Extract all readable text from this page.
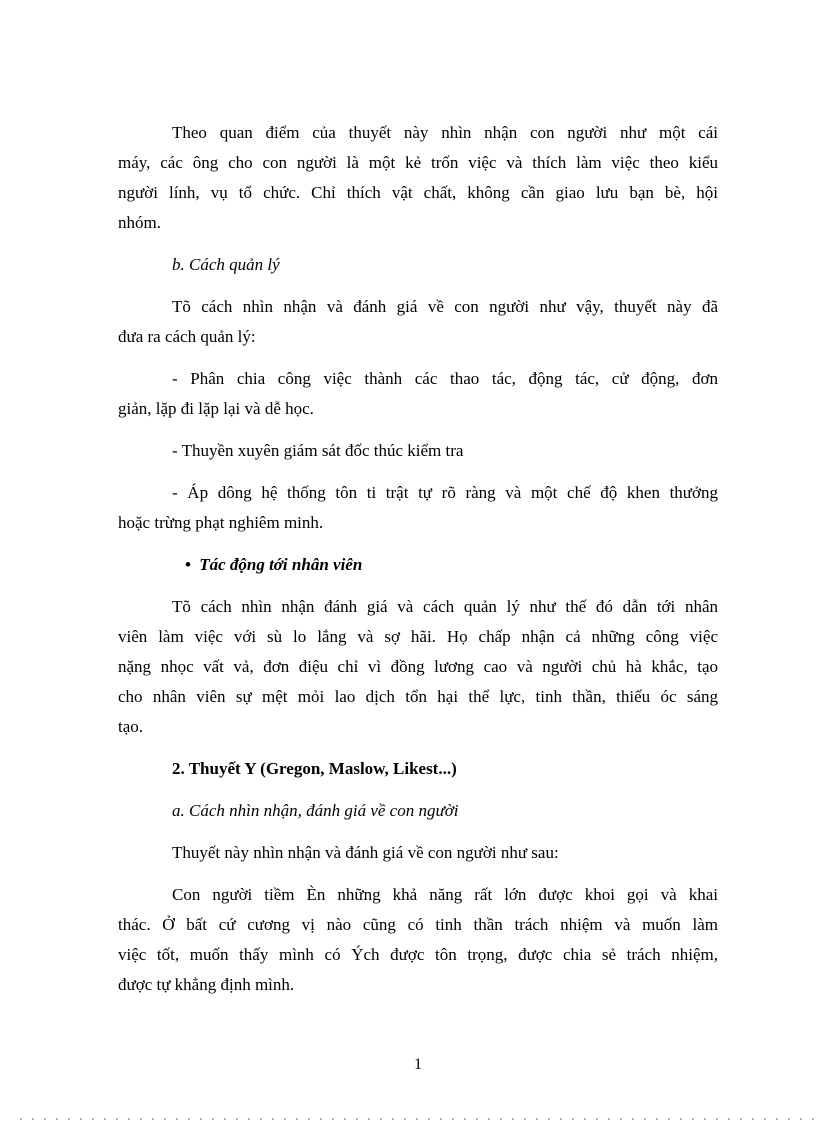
Theo quan điểm của thuyết này nhìn nhận con người như một cái
máy, các ông cho con người là một kẻ trốn việc và thích làm việc theo kiểu
người lính, vụ tổ chức. Chỉ thích vật chất, không cần giao lưu bạn bè, hội
nhóm.
b. Cách quản lý
Tõ cách nhìn nhận và đánh giá về con người như vậy, thuyết này đã
đưa ra cách quản lý:
- Phân chia công việc thành các thao tác, động tác, cử động, đơn
giản, lặp đi lặp lại và dễ học.
- Thuyền xuyên giám sát đốc thúc kiểm tra
- Áp dông hệ thống tôn ti trật tự rõ ràng và một chế độ khen thưởng
hoặc trừng phạt nghiêm minh.
• Tác động tới nhân viên
Tõ cách nhìn nhận đánh giá và cách quản lý như thế đó dẫn tới nhân
viên làm việc với sù lo lắng và sợ hãi. Họ chấp nhận cả những công việc
nặng nhọc vất vả, đơn điệu chỉ vì đồng lương cao và người chủ hà khắc, tạo
cho nhân viên sự mệt mỏi lao dịch tổn hại thể lực, tinh thần, thiếu óc sáng
tạo.
2. Thuyết Y (Gregon, Maslow, Likest...)
a. Cách nhìn nhận, đánh giá về con người
Thuyết này nhìn nhận và đánh giá về con người như sau:
Con người tiềm Èn những khả năng rất lớn được khoi gọi và khai
thác. Ở bất cứ cương vị nào cũng có tinh thần trách nhiệm và muốn làm
việc tốt, muốn thấy mình có Ých được tôn trọng, được chia sẻ trách nhiệm,
được tự khẳng định mình.
1
